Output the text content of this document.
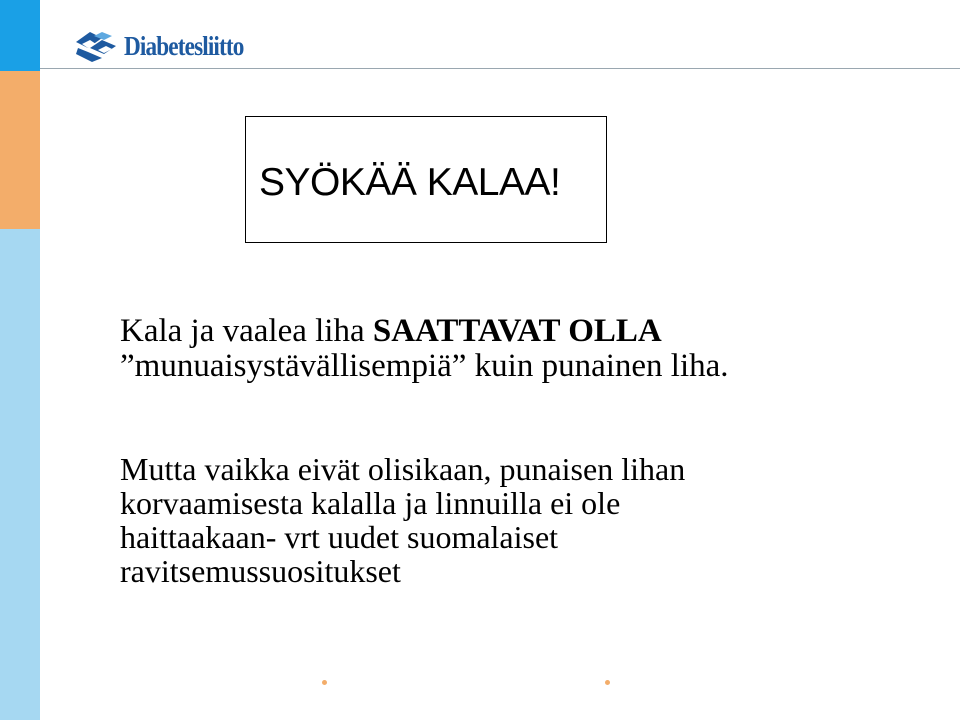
Diabetesliitto
SYÖKÄÄ KALAA!

Kala ja vaalea liha SAATTAVAT OLLA
”munuaisystävällisempiä” kuin punainen liha.

Mutta vaikka eivät olisikaan, punaisen lihan
korvaamisesta kalalla ja linnuilla ei ole
haittaakaan- vrt uudet suomalaiset
ravitsemussuositukset
